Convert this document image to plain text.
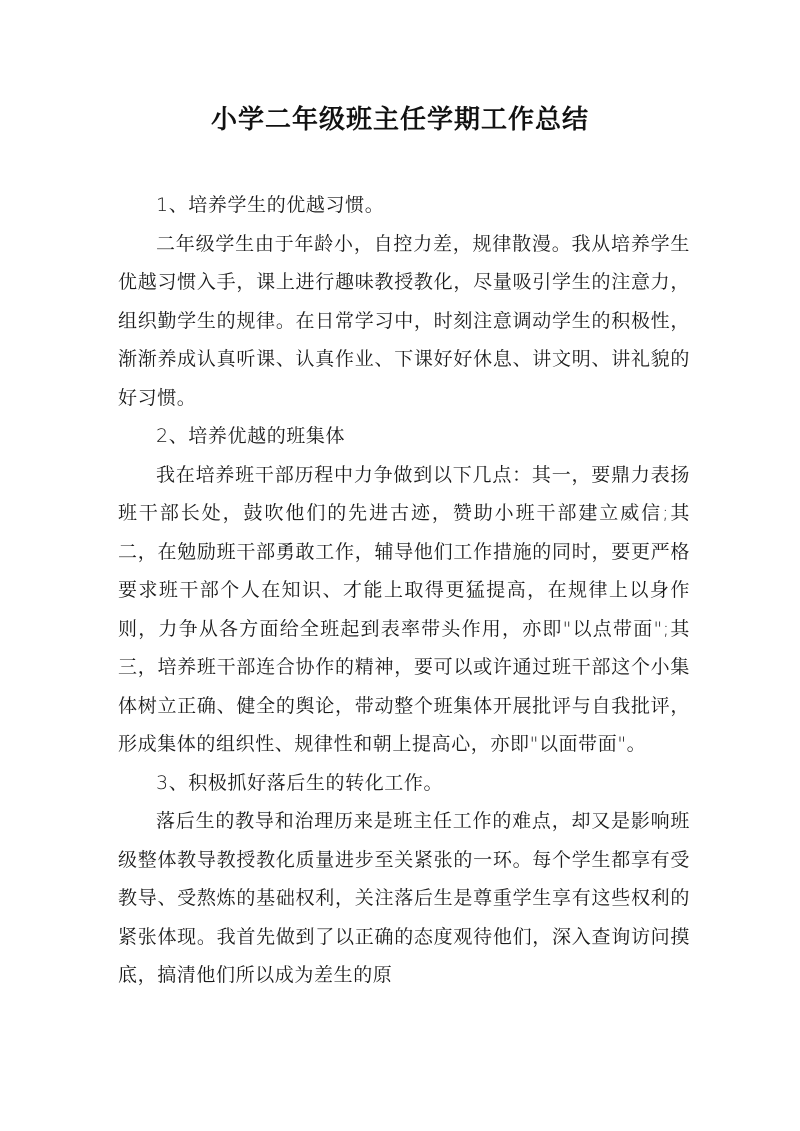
小学二年级班主任学期工作总结

1、培养学生的优越习惯。

二年级学生由于年龄小，自控力差，规律散漫。我从培养学生优越习惯入手，课上进行趣味教授教化，尽量吸引学生的注意力，组织勤学生的规律。在日常学习中，时刻注意调动学生的积极性，渐渐养成认真听课、认真作业、下课好好休息、讲文明、讲礼貌的好习惯。

2、培养优越的班集体

我在培养班干部历程中力争做到以下几点：其一，要鼎力表扬班干部长处，鼓吹他们的先进古迹，赞助小班干部建立威信;其二，在勉励班干部勇敢工作，辅导他们工作措施的同时，要更严格要求班干部个人在知识、才能上取得更猛提高，在规律上以身作则，力争从各方面给全班起到表率带头作用，亦即"以点带面";其三，培养班干部连合协作的精神，要可以或许通过班干部这个小集体树立正确、健全的舆论，带动整个班集体开展批评与自我批评，形成集体的组织性、规律性和朝上提高心，亦即"以面带面"。

3、积极抓好落后生的转化工作。

落后生的教导和治理历来是班主任工作的难点，却又是影响班级整体教导教授教化质量进步至关紧张的一环。每个学生都享有受教导、受熬炼的基础权利，关注落后生是尊重学生享有这些权利的紧张体现。我首先做到了以正确的态度观待他们，深入查询访问摸底，搞清他们所以成为差生的原
